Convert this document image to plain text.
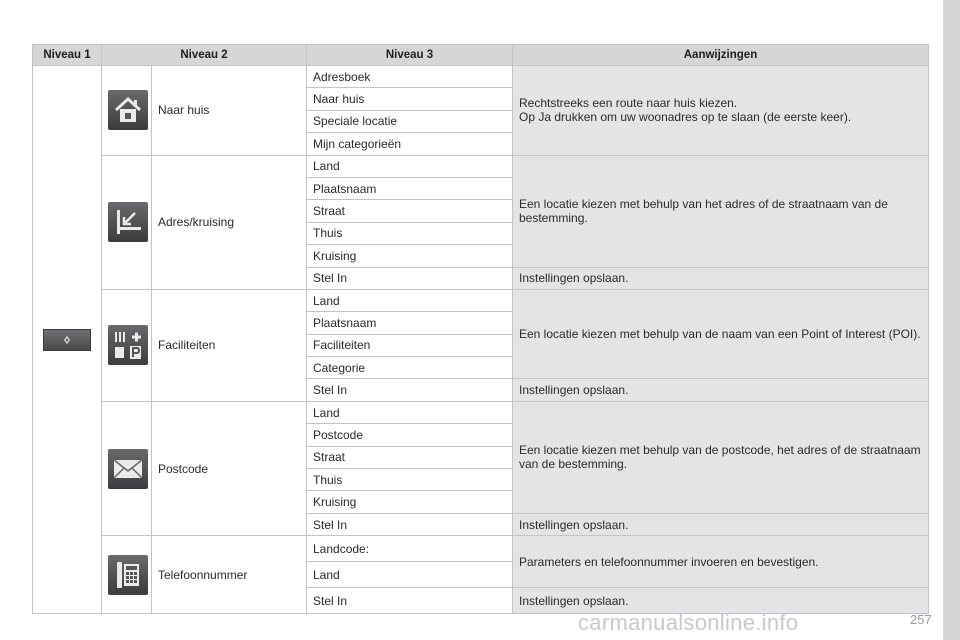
Niveau 1	Niveau 2		Niveau 3	Aanwijzingen

	Naar huis	Adresboek	Rechtstreeks een route naar huis kiezen.
Op Ja drukken om uw woonadres op te slaan (de eerste keer).

			Naar huis	
			Speciale locatie	
			Mijn categorieën	

	Adres/kruising	Land	Een locatie kiezen met behulp van het adres of de straatnaam van de bestemming.
			Plaatsnaam	
			Straat	
			Thuis	
			Kruising	
			Stel In	Instellingen opslaan.

	Faciliteiten	Land	Een locatie kiezen met behulp van de naam van een Point of Interest (POI).
			Plaatsnaam	
			Faciliteiten	
			Categorie	
			Stel In	Instellingen opslaan.

	Postcode	Land	Een locatie kiezen met behulp van de postcode, het adres of de straatnaam van de bestemming.
			Postcode	
			Straat	
			Thuis	
			Kruising	
			Stel In	Instellingen opslaan.

	Telefoonnummer	Landcode:	Parameters en telefoonnummer invoeren en bevestigen.
			Land	
			Stel In	Instellingen opslaan.
carmanualsonline.info	257
